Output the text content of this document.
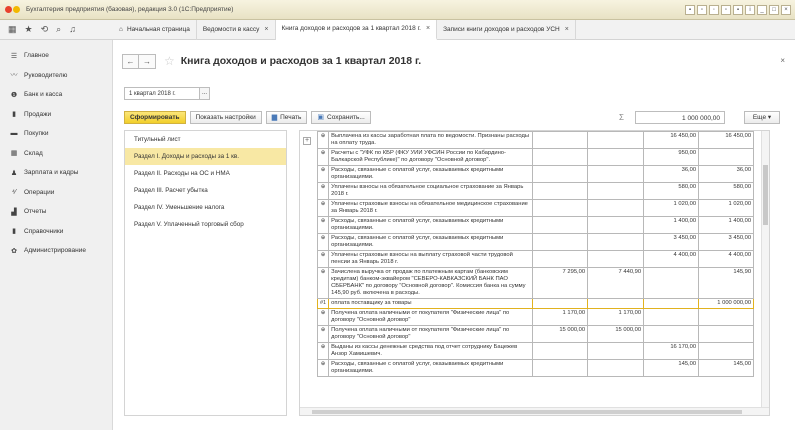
Бухгалтерия предприятия (базовая), редакция 3.0 (1С:Предприятие)	▪	▫	◦	▫	▪	i	_	□	×
▦ ★ ⟲ ⌕ ♫	⌂ Начальная страница Ведомости в кассу × Книга доходов и расходов за 1 квартал 2018 г. × Записи книги доходов и расходов УСН ×
☰	Главное
〰	Руководителю
❶	Банк и касса
▮	Продажи
▬	Покупки
▦	Склад
♟	Зарплата и кадры
⁴⁄	Операции
▟	Отчеты
▮	Справочники
✿	Администрирование
← → ☆ Книга доходов и расходов за 1 квартал 2018 г.	×
1 квартал 2018 г.	...
Сформировать	Показать настройки	▆ Печать ▣ Сохранить...	Σ	1 000 000,00	Еще ▾
Титульный лист
Раздел I. Доходы и расходы за 1 кв.
Раздел II. Расходы на ОС и НМА
Раздел III. Расчет убытка
Раздел IV. Уменьшение налога
Раздел V. Уплаченный торговый сбор
+
⊕	Выплачена из кассы заработная плата по ведомости. Признаны расходы на оплату труда.			16 450,00	16 450,00
⊕	Расчеты с "УФК по КБР (ФКУ УИИ УФСИН России по Кабардино-Балкарской Республике)" по договору "Основной договор".			950,00	
⊕	Расходы, связанные с оплатой услуг, оказываемых кредитными организациями.			36,00	36,00
⊕	Уплачены взносы на обязательное социальное страхование за Январь 2018 г.			580,00	580,00
⊕	Уплачены страховые взносы на обязательное медицинское страхование за Январь 2018 г.			1 020,00	1 020,00
⊕	Расходы, связанные с оплатой услуг, оказываемых кредитными организациями.			1 400,00	1 400,00
⊕	Расходы, связанные с оплатой услуг, оказываемых кредитными организациями.			3 450,00	3 450,00
⊕	Уплачены страховые взносы на выплату страховой части трудовой пенсии за Январь 2018 г.			4 400,00	4 400,00
⊕	Зачислена выручка от продаж по платежным картам (банковским кредитам) банком-эквайером "СЕВЕРО-КАВКАЗСКИЙ БАНК ПАО СБЕРБАНК" по договору "Основной договор". Комиссия банка на сумму 145,90 руб. включена в расходы.	7 295,00	7 440,90		145,90
#1	оплата поставщику за товары				1 000 000,00
⊕	Получена оплата наличными от покупателя "Физические лица" по договору "Основной договор"	1 170,00	1 170,00		
⊕	Получена оплата наличными от покупателя "Физические лица" по договору "Основной договор"	15 000,00	15 000,00		
⊕	Выданы из кассы денежные средства под отчет сотруднику Бацежев Анзор Хамишевич.			16 170,00	
⊕	Расходы, связанные с оплатой услуг, оказываемых кредитными организациями.			145,00	145,00
